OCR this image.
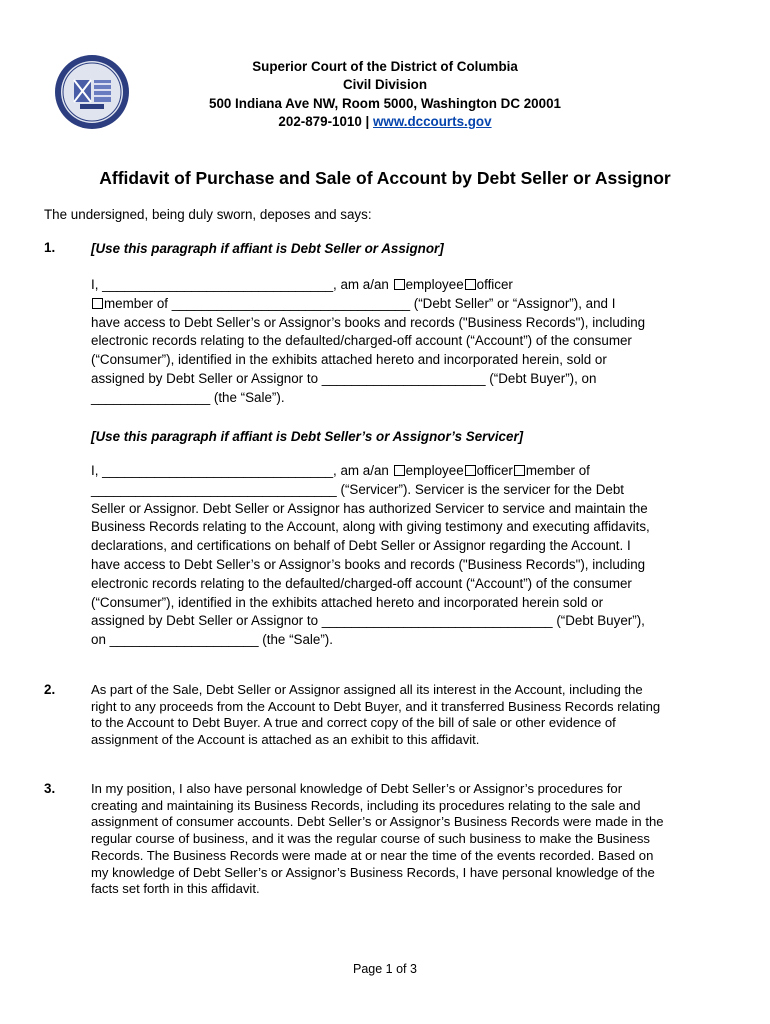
Superior Court of the District of Columbia
Civil Division
500 Indiana Ave NW, Room 5000, Washington DC 20001
202-879-1010 | www.dccourts.gov
Affidavit of Purchase and Sale of Account by Debt Seller or Assignor
The undersigned, being duly sworn, deposes and says:
1.	[Use this paragraph if affiant is Debt Seller or Assignor]

I, _______________________________, am a/an employee officer

member of ________________________________ (“Debt Seller” or “Assignor”), and I

have access to Debt Seller’s or Assignor’s books and records ("Business Records"), including

electronic records relating to the defaulted/charged-off account (“Account”) of the consumer

(“Consumer”), identified in the exhibits attached hereto and incorporated herein, sold or

assigned by Debt Seller or Assignor to ______________________ (“Debt Buyer”), on

________________ (the “Sale”).

[Use this paragraph if affiant is Debt Seller’s or Assignor’s Servicer]

I, _______________________________, am a/an employee officer member of

_________________________________ (“Servicer”). Servicer is the servicer for the Debt

Seller or Assignor. Debt Seller or Assignor has authorized Servicer to service and maintain the

Business Records relating to the Account, along with giving testimony and executing affidavits,

declarations, and certifications on behalf of Debt Seller or Assignor regarding the Account. I

have access to Debt Seller’s or Assignor’s books and records ("Business Records"), including

electronic records relating to the defaulted/charged-off account (“Account”) of the consumer

(“Consumer”), identified in the exhibits attached hereto and incorporated herein sold or

assigned by Debt Seller or Assignor to _______________________________ (“Debt Buyer”),

on ____________________ (the “Sale”).

2.	As part of the Sale, Debt Seller or Assignor assigned all its interest in the Account, including the

right to any proceeds from the Account to Debt Buyer, and it transferred Business Records relating

to the Account to Debt Buyer. A true and correct copy of the bill of sale or other evidence of

assignment of the Account is attached as an exhibit to this affidavit.

3.	In my position, I also have personal knowledge of Debt Seller’s or Assignor’s procedures for

creating and maintaining its Business Records, including its procedures relating to the sale and

assignment of consumer accounts. Debt Seller’s or Assignor’s Business Records were made in the

regular course of business, and it was the regular course of such business to make the Business

Records. The Business Records were made at or near the time of the events recorded. Based on

my knowledge of Debt Seller’s or Assignor’s Business Records, I have personal knowledge of the

facts set forth in this affidavit.

Page 1 of 3
